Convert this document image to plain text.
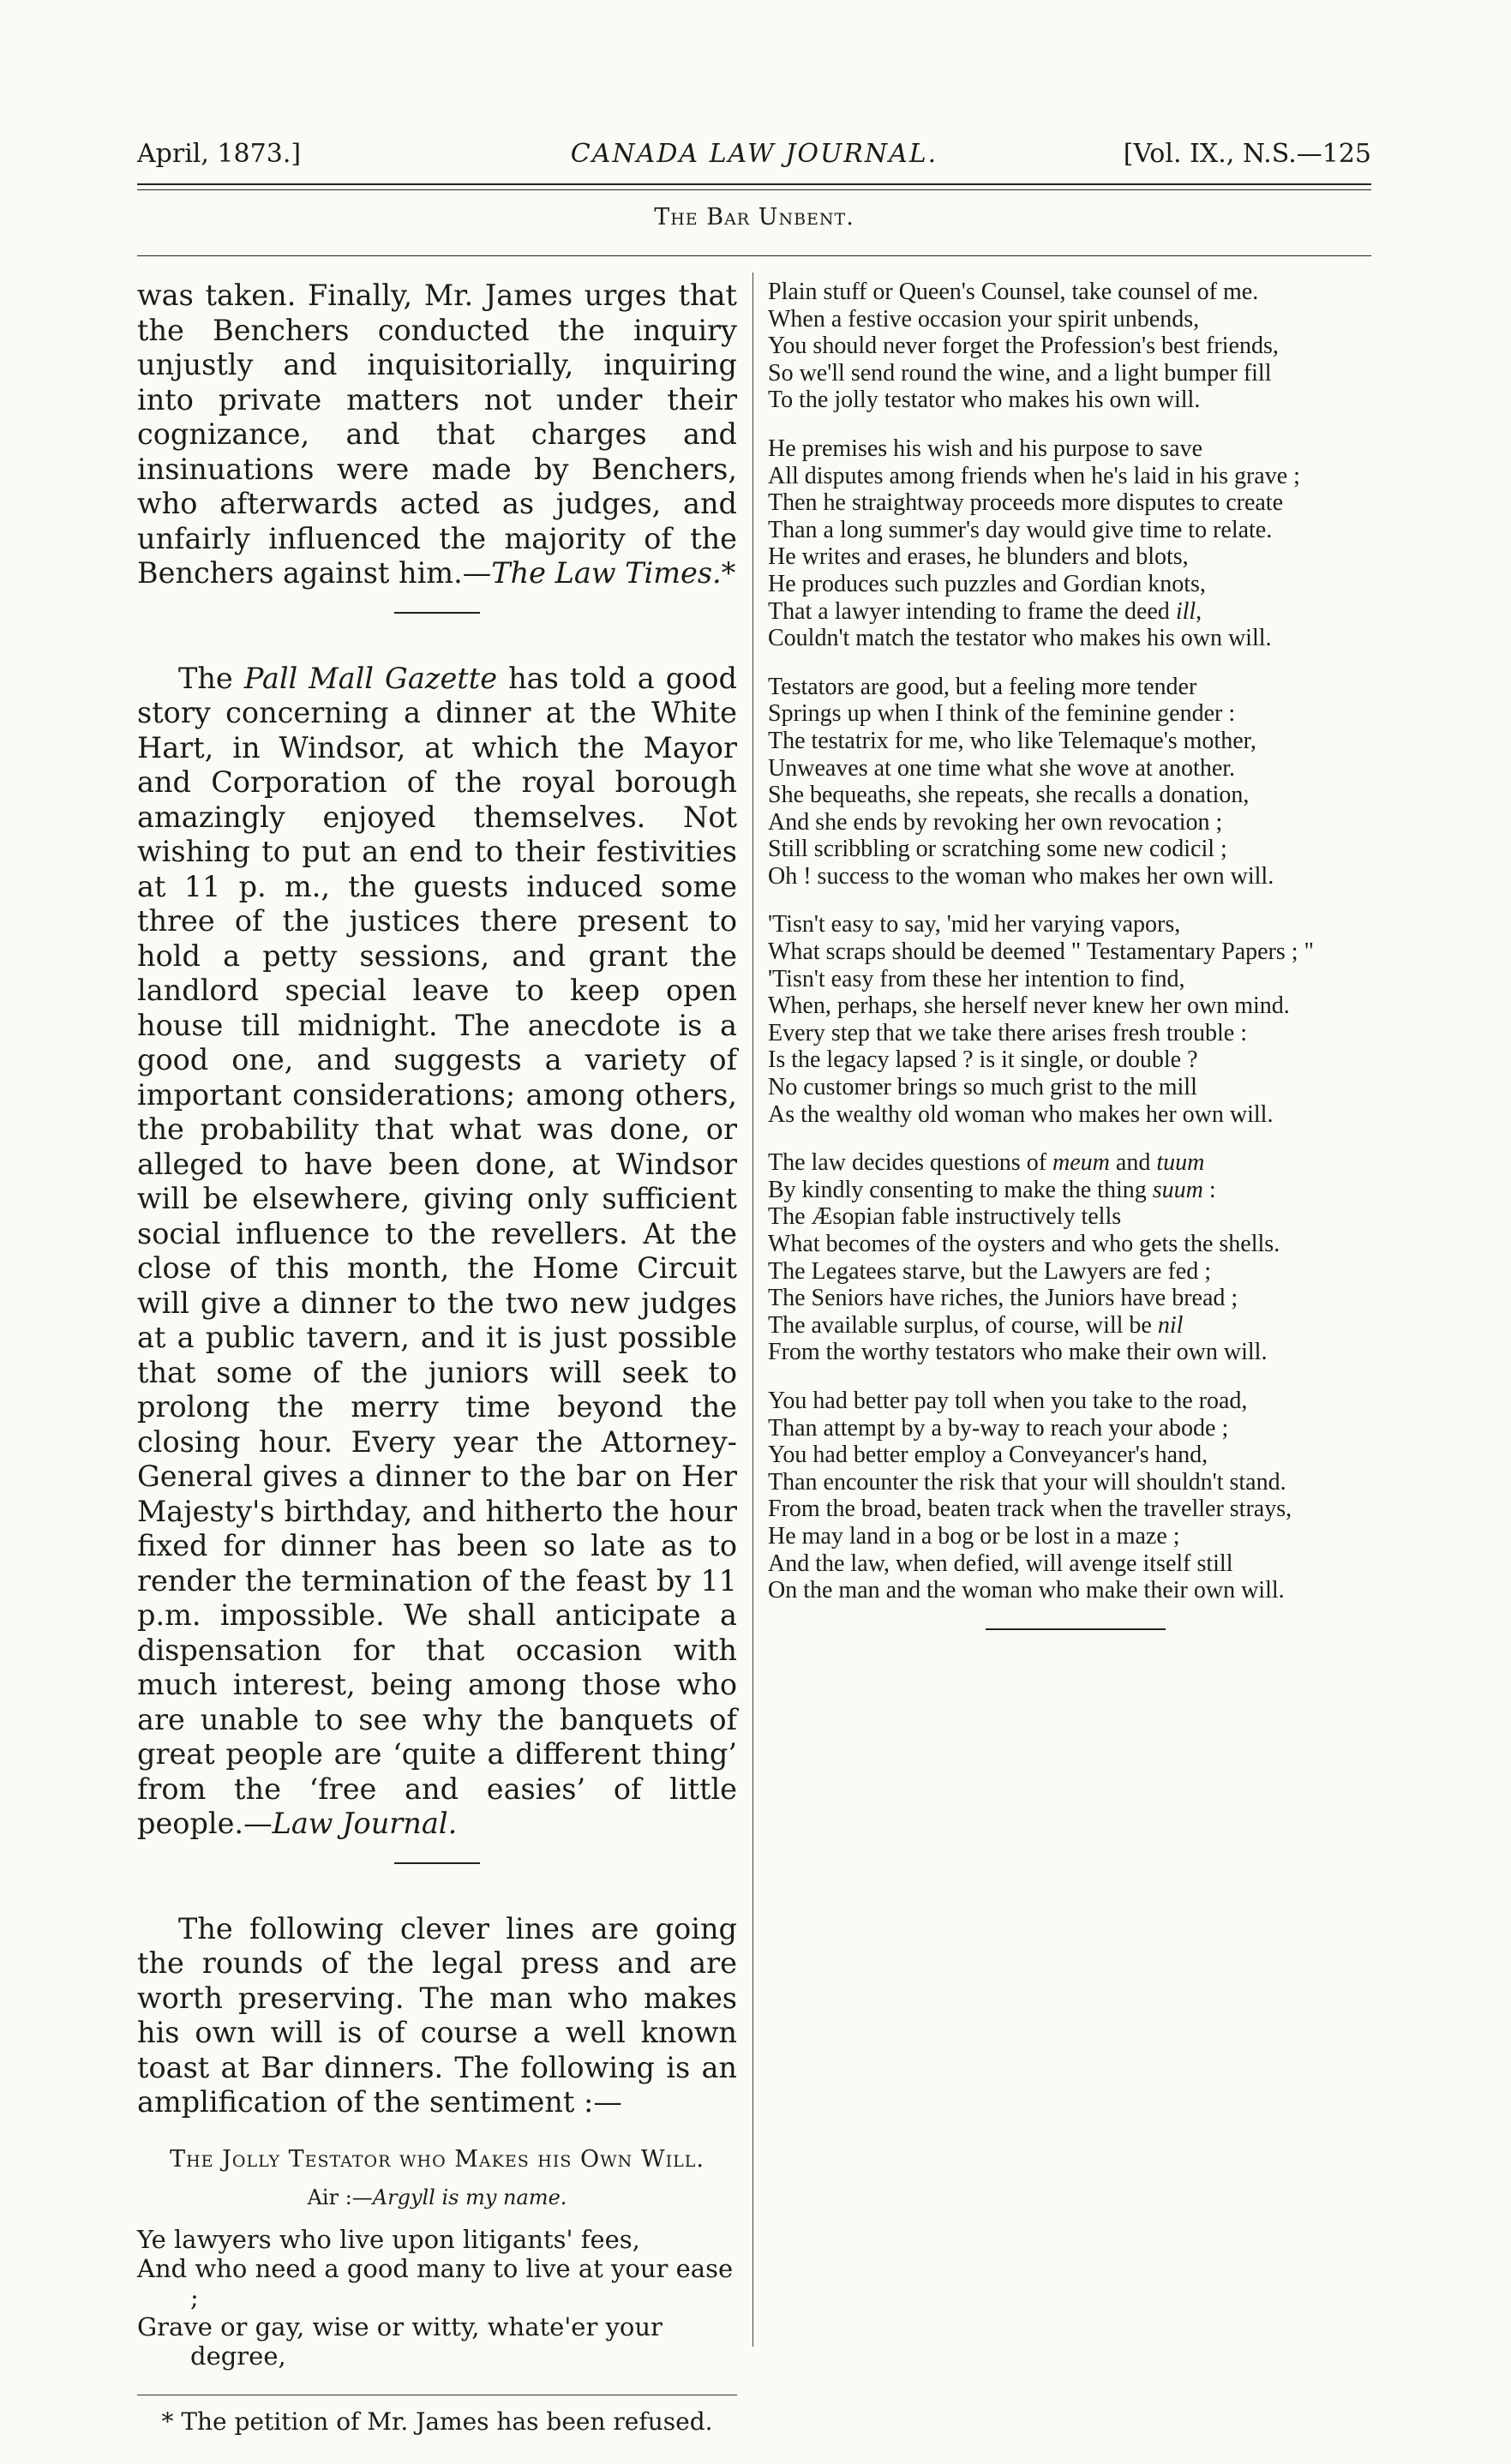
April, 1873.]	CANADA LAW JOURNAL.	[Vol. IX., N.S.—125
The Bar Unbent.

was taken. Finally, Mr. James urges that the Benchers conducted the inquiry unjustly and inquisitorially, inquiring into private matters not under their cognizance, and that charges and insinuations were made by Benchers, who afterwards acted as judges, and unfairly influenced the majority of the Benchers against him.—The Law Times.*

The Pall Mall Gazette has told a good story concerning a dinner at the White Hart, in Windsor, at which the Mayor and Corporation of the royal borough amazingly enjoyed themselves. Not wishing to put an end to their festivities at 11 p. m., the guests induced some three of the justices there present to hold a petty sessions, and grant the landlord special leave to keep open house till midnight. The anecdote is a good one, and suggests a variety of important considerations; among others, the probability that what was done, or alleged to have been done, at Windsor will be elsewhere, giving only sufficient social influence to the revellers. At the close of this month, the Home Circuit will give a dinner to the two new judges at a public tavern, and it is just possible that some of the juniors will seek to prolong the merry time beyond the closing hour. Every year the Attorney-General gives a dinner to the bar on Her Majesty's birthday, and hitherto the hour fixed for dinner has been so late as to render the termination of the feast by 11 p.m. impossible. We shall anticipate a dispensation for that occasion with much interest, being among those who are unable to see why the banquets of great people are ‘quite a different thing’ from the ‘free and easies’ of little people.—Law Journal.

The following clever lines are going the rounds of the legal press and are worth preserving. The man who makes his own will is of course a well known toast at Bar dinners. The following is an amplification of the sentiment :—

The Jolly Testator who Makes his Own Will.
Air :—Argyll is my name.
Ye lawyers who live upon litigants' fees,
And who need a good many to live at your ease ;
Grave or gay, wise or witty, whate'er your degree,
* The petition of Mr. James has been refused.
Plain stuff or Queen's Counsel, take counsel of me.
When a festive occasion your spirit unbends,
You should never forget the Profession's best friends,
So we'll send round the wine, and a light bumper fill
To the jolly testator who makes his own will.
He premises his wish and his purpose to save
All disputes among friends when he's laid in his grave ;
Then he straightway proceeds more disputes to create
Than a long summer's day would give time to relate.
He writes and erases, he blunders and blots,
He produces such puzzles and Gordian knots,
That a lawyer intending to frame the deed ill,
Couldn't match the testator who makes his own will.
Testators are good, but a feeling more tender
Springs up when I think of the feminine gender :
The testatrix for me, who like Telemaque's mother,
Unweaves at one time what she wove at another.
She bequeaths, she repeats, she recalls a donation,
And she ends by revoking her own revocation ;
Still scribbling or scratching some new codicil ;
Oh ! success to the woman who makes her own will.
'Tisn't easy to say, 'mid her varying vapors,
What scraps should be deemed " Testamentary Papers ; "
'Tisn't easy from these her intention to find,
When, perhaps, she herself never knew her own mind.
Every step that we take there arises fresh trouble :
Is the legacy lapsed ? is it single, or double ?
No customer brings so much grist to the mill
As the wealthy old woman who makes her own will.
The law decides questions of meum and tuum
By kindly consenting to make the thing suum :
The Æsopian fable instructively tells
What becomes of the oysters and who gets the shells.
The Legatees starve, but the Lawyers are fed ;
The Seniors have riches, the Juniors have bread ;
The available surplus, of course, will be nil
From the worthy testators who make their own will.
You had better pay toll when you take to the road,
Than attempt by a by-way to reach your abode ;
You had better employ a Conveyancer's hand,
Than encounter the risk that your will shouldn't stand.
From the broad, beaten track when the traveller strays,
He may land in a bog or be lost in a maze ;
And the law, when defied, will avenge itself still
On the man and the woman who make their own will.
